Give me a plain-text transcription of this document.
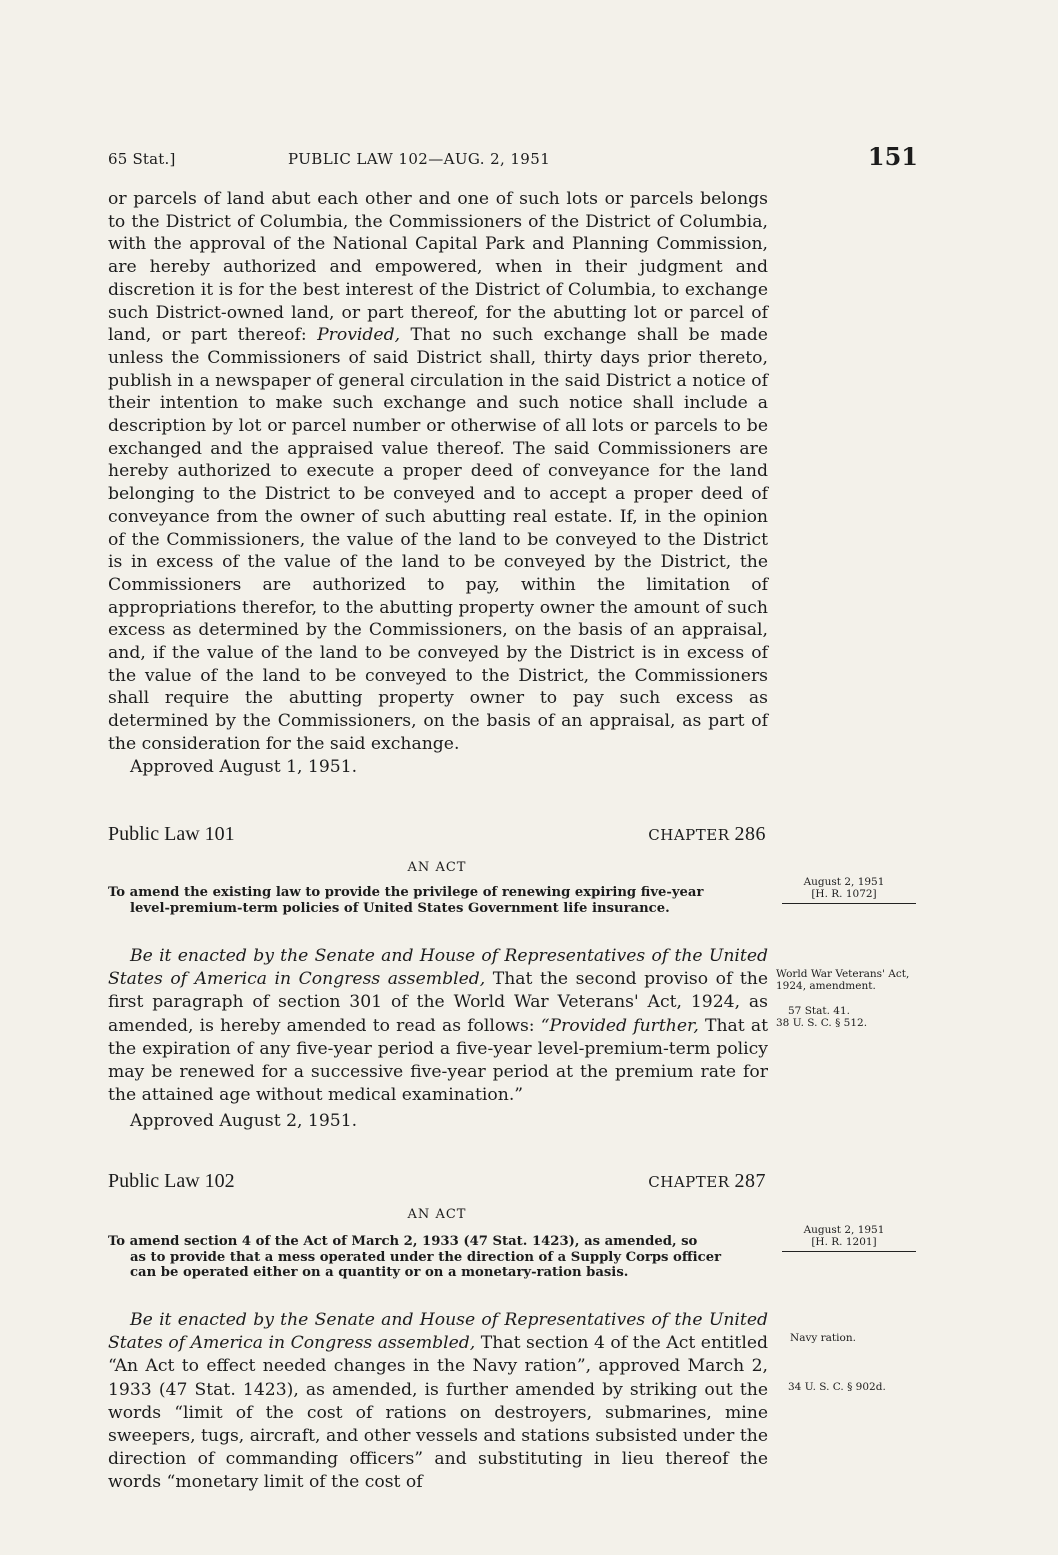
65 Stat.]	PUBLIC LAW 102—AUG. 2, 1951	151

or parcels of land abut each other and one of such lots or parcels belongs to the District of Columbia, the Commissioners of the District of Columbia, with the approval of the National Capital Park and Planning Commission, are hereby authorized and empowered, when in their judgment and discretion it is for the best interest of the District of Columbia, to exchange such District-owned land, or part thereof, for the abutting lot or parcel of land, or part thereof: Provided, That no such exchange shall be made unless the Commissioners of said District shall, thirty days prior thereto, publish in a newspaper of general circulation in the said District a notice of their intention to make such exchange and such notice shall include a description by lot or parcel number or otherwise of all lots or parcels to be exchanged and the appraised value thereof. The said Commissioners are hereby authorized to execute a proper deed of conveyance for the land belonging to the District to be conveyed and to accept a proper deed of conveyance from the owner of such abutting real estate. If, in the opinion of the Commissioners, the value of the land to be conveyed to the District is in excess of the value of the land to be conveyed by the District, the Commissioners are authorized to pay, within the limitation of appropriations therefor, to the abutting property owner the amount of such excess as determined by the Commissioners, on the basis of an appraisal, and, if the value of the land to be conveyed by the District is in excess of the value of the land to be conveyed to the District, the Commissioners shall require the abutting property owner to pay such excess as determined by the Commissioners, on the basis of an appraisal, as part of the consideration for the said exchange.

Approved August 1, 1951.
Public Law 101	CHAPTER 286
AN ACT
To amend the existing law to provide the privilege of renewing expiring five-year
level-premium-term policies of United States Government life insurance.

Be it enacted by the Senate and House of Representatives of the United States of America in Congress assembled, That the second proviso of the first paragraph of section 301 of the World War Veterans' Act, 1924, as amended, is hereby amended to read as follows: “Provided further, That at the expiration of any five-year period a five-year level-premium-term policy may be renewed for a successive five-year period at the premium rate for the attained age without medical examination.”

Approved August 2, 1951.
August 2, 1951
[H. R. 1072]
World War Veterans' Act, 1924, amendment.
57 Stat. 41.
38 U. S. C. § 512.
Public Law 102	CHAPTER 287
AN ACT
To amend section 4 of the Act of March 2, 1933 (47 Stat. 1423), as amended, so
as to provide that a mess operated under the direction of a Supply Corps officer
can be operated either on a quantity or on a monetary-ration basis.

Be it enacted by the Senate and House of Representatives of the United States of America in Congress assembled, That section 4 of the Act entitled “An Act to effect needed changes in the Navy ration”, approved March 2, 1933 (47 Stat. 1423), as amended, is further amended by striking out the words “limit of the cost of rations on destroyers, submarines, mine sweepers, tugs, aircraft, and other vessels and stations subsisted under the direction of commanding officers” and substituting in lieu thereof the words “monetary limit of the cost of

August 2, 1951
[H. R. 1201]
Navy ration.
34 U. S. C. § 902d.
